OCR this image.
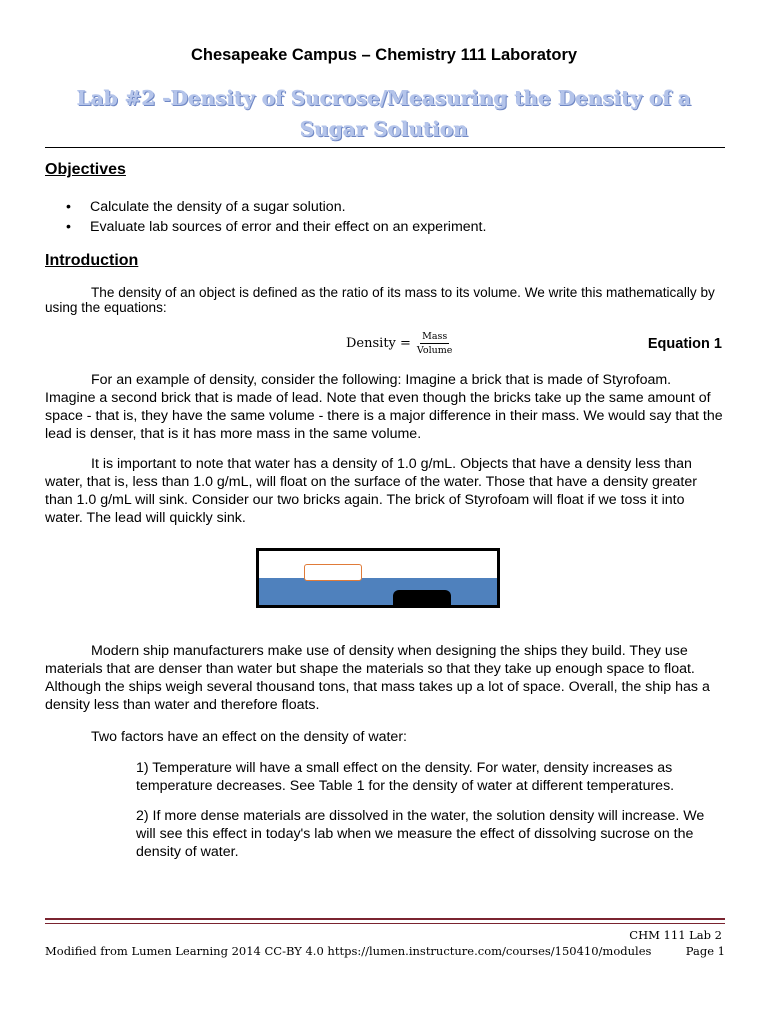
Chesapeake Campus – Chemistry 111 Laboratory
Lab #2 -Density of Sucrose/Measuring the Density of a
Sugar Solution
Objectives
• Calculate the density of a sugar solution.
• Evaluate lab sources of error and their effect on an experiment.
Introduction
The density of an object is defined as the ratio of its mass to its volume. We write this mathematically by using the equations:
Density = $\frac{\text{Mass}}{\text{Volume}}$	Equation 1
For an example of density, consider the following: Imagine a brick that is made of Styrofoam. Imagine a second brick that is made of lead. Note that even though the bricks take up the same amount of space - that is, they have the same volume - there is a major difference in their mass. We would say that the lead is denser, that is it has more mass in the same volume.
It is important to note that water has a density of 1.0 g/mL. Objects that have a density less than water, that is, less than 1.0 g/mL, will float on the surface of the water. Those that have a density greater than 1.0 g/mL will sink. Consider our two bricks again. The brick of Styrofoam will float if we toss it into water. The lead will quickly sink.
Modern ship manufacturers make use of density when designing the ships they build. They use materials that are denser than water but shape the materials so that they take up enough space to float. Although the ships weigh several thousand tons, that mass takes up a lot of space. Overall, the ship has a density less than water and therefore floats.
Two factors have an effect on the density of water:
1) Temperature will have a small effect on the density. For water, density increases as temperature decreases. See Table 1 for the density of water at different temperatures.
2) If more dense materials are dissolved in the water, the solution density will increase. We will see this effect in today's lab when we measure the effect of dissolving sucrose on the density of water.
CHM 111 Lab 2
Modified from Lumen Learning 2014 CC-BY 4.0 https://lumen.instructure.com/courses/150410/modules	Page 1
